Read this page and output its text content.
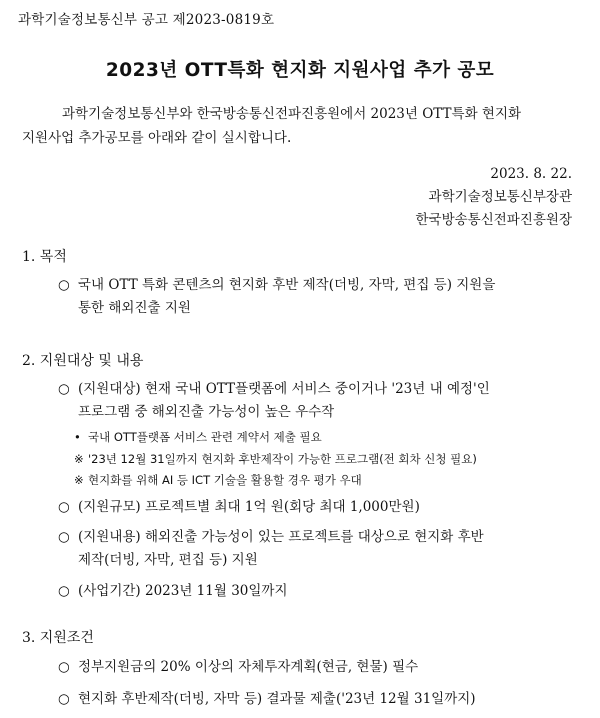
과학기술정보통신부 공고 제2023-0819호
2023년 OTT특화 현지화 지원사업 추가 공모
과학기술정보통신부와 한국방송통신전파진흥원에서 2023년 OTT특화 현지화
지원사업 추가공모를 아래와 같이 실시합니다.
2023. 8. 22.
과학기술정보통신부장관
한국방송통신전파진흥원장
1. 목적
○ 국내 OTT 특화 콘텐츠의 현지화 후반 제작(더빙, 자막, 편집 등) 지원을
통한 해외진출 지원
2. 지원대상 및 내용
○ (지원대상) 현재 국내 OTT플랫폼에 서비스 중이거나 '23년 내 예정'인
프로그램 중 해외진출 가능성이 높은 우수작
• 국내 OTT플랫폼 서비스 관련 계약서 제출 필요
※ '23년 12월 31일까지 현지화 후반제작이 가능한 프로그램(전 회차 신청 필요)
※ 현지화를 위해 AI 등 ICT 기술을 활용할 경우 평가 우대
○ (지원규모) 프로젝트별 최대 1억 원(회당 최대 1,000만원)
○ (지원내용) 해외진출 가능성이 있는 프로젝트를 대상으로 현지화 후반
제작(더빙, 자막, 편집 등) 지원
○ (사업기간) 2023년 11월 30일까지
3. 지원조건
○ 정부지원금의 20% 이상의 자체투자계획(현금, 현물) 필수
○ 현지화 후반제작(더빙, 자막 등) 결과물 제출('23년 12월 31일까지)
